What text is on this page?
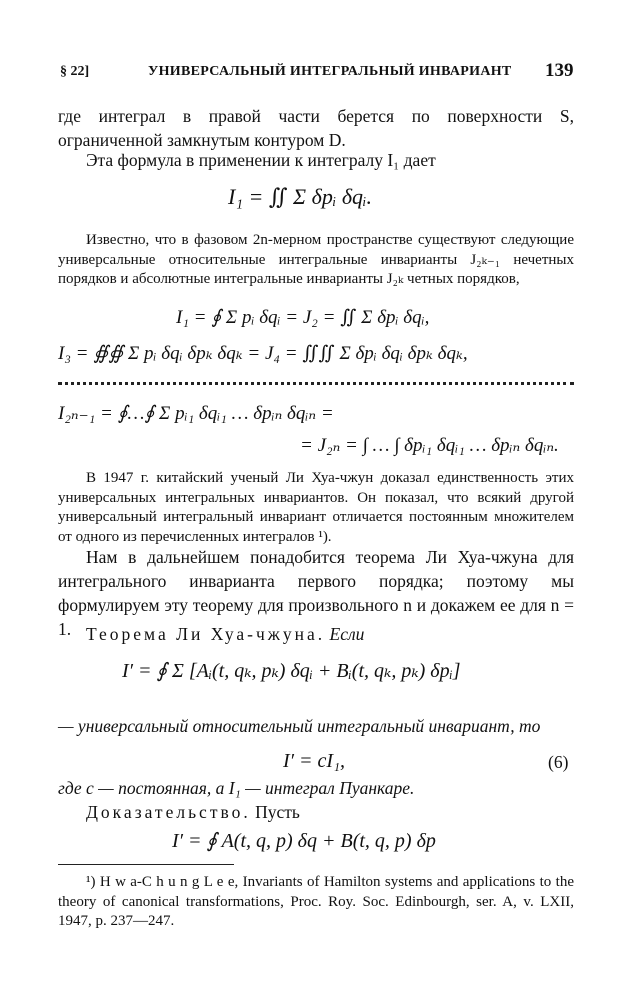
§ 22]	УНИВЕРСАЛЬНЫЙ ИНТЕГРАЛЬНЫЙ ИНВАРИАНТ 139
где интеграл в правой части берется по поверхности S, ограниченной замкнутым контуром D.
Эта формула в применении к интегралу I₁ дает
I₁ = ∬ Σ δpᵢ δqᵢ.
Известно, что в фазовом 2n-мерном пространстве существуют следующие универсальные относительные интегральные инварианты J₂ₖ₋₁ нечетных порядков и абсолютные интегральные инварианты J₂ₖ четных порядков,
I₁ = ∮ Σ pᵢ δqᵢ = J₂ = ∬ Σ δpᵢ δqᵢ,
I₃ = ∯∯ Σ pᵢ δqᵢ δpₖ δqₖ = J₄ = ∬∬ Σ δpᵢ δqᵢ δpₖ δqₖ,
I₂ₙ₋₁ = ∮…∮ Σ pᵢ₁ δqᵢ₁ … δpᵢₙ δqᵢₙ =
= J₂ₙ = ∫ … ∫ δpᵢ₁ δqᵢ₁ … δpᵢₙ δqᵢₙ.
В 1947 г. китайский ученый Ли Хуа-чжун доказал единственность этих универсальных интегральных инвариантов. Он показал, что всякий другой универсальный интегральный инвариант отличается постоянным множителем от одного из перечисленных интегралов ¹).
Нам в дальнейшем понадобится теорема Ли Хуа-чжуна для интегрального инварианта первого порядка; поэтому мы формулируем эту теорему для произвольного n и докажем ее для n = 1. Теорема Ли Хуа-чжуна. Если
I′ = ∮ Σ [Aᵢ(t, qₖ, pₖ) δqᵢ + Bᵢ(t, qₖ, pₖ) δpᵢ]
— универсальный относительный интегральный инвариант, то
I′ = cI₁,	(6)
где c — постоянная, а I₁ — интеграл Пуанкаре.
Доказательство. Пусть
I′ = ∮ A(t, q, p) δq + B(t, q, p) δp
¹) H w a-C h u n g L e e, Invariants of Hamilton systems and applications to the theory of canonical transformations, Proc. Roy. Soc. Edinbourgh, ser. A, v. LXII, 1947, p. 237—247.
